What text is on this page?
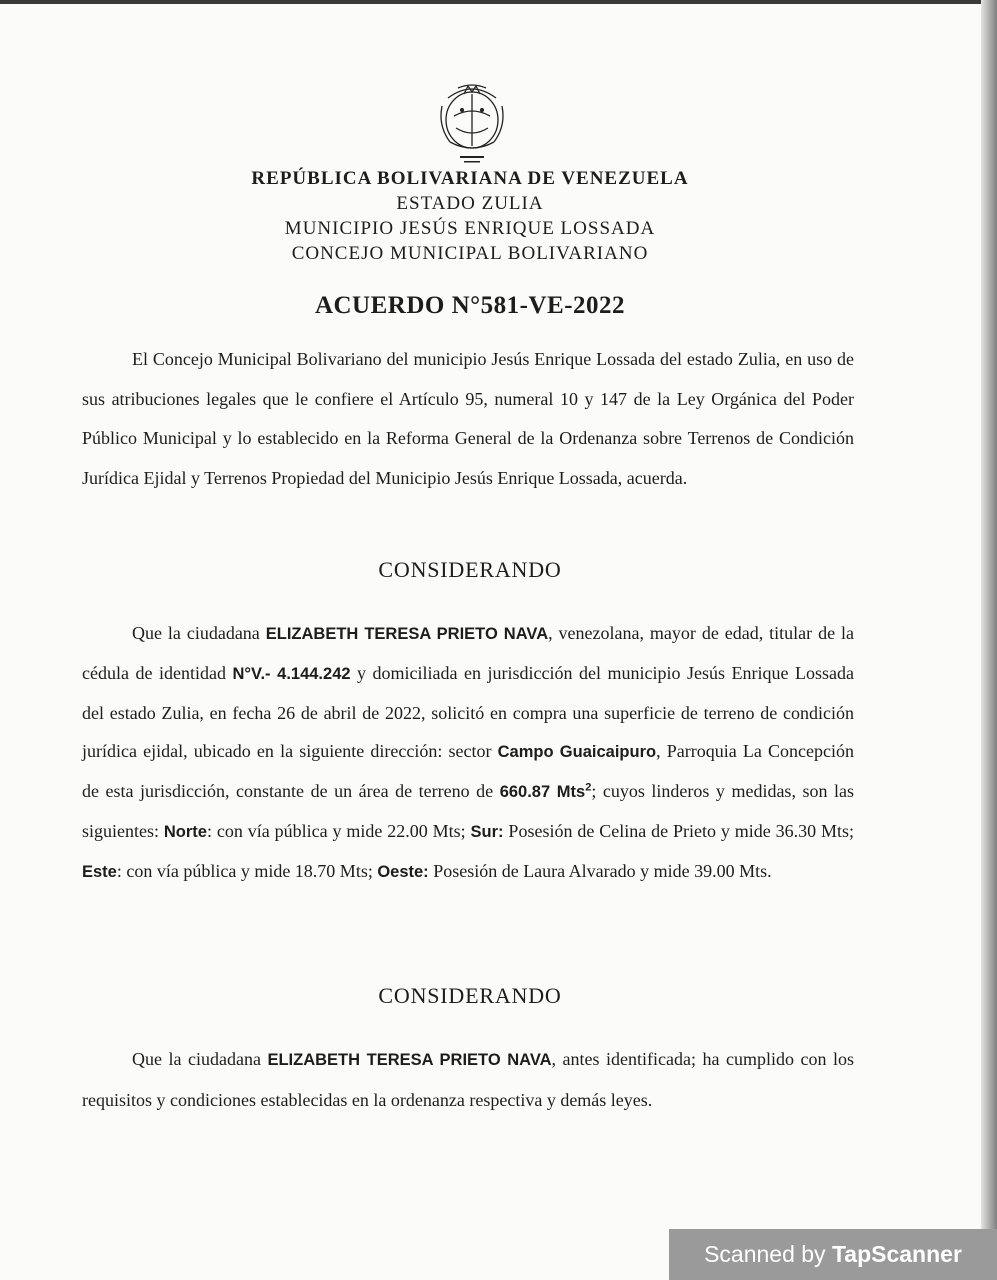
REPÚBLICA BOLIVARIANA DE VENEZUELA
ESTADO ZULIA
MUNICIPIO JESÚS ENRIQUE LOSSADA
CONCEJO MUNICIPAL BOLIVARIANO
ACUERDO N°581-VE-2022

El Concejo Municipal Bolivariano del municipio Jesús Enrique Lossada del estado Zulia, en uso de sus atribuciones legales que le confiere el Artículo 95, numeral 10 y 147 de la Ley Orgánica del Poder Público Municipal y lo establecido en la Reforma General de la Ordenanza sobre Terrenos de Condición Jurídica Ejidal y Terrenos Propiedad del Municipio Jesús Enrique Lossada, acuerda.

CONSIDERANDO

Que la ciudadana ELIZABETH TERESA PRIETO NAVA, venezolana, mayor de edad, titular de la cédula de identidad N°V.- 4.144.242 y domiciliada en jurisdicción del municipio Jesús Enrique Lossada del estado Zulia, en fecha 26 de abril de 2022, solicitó en compra una superficie de terreno de condición jurídica ejidal, ubicado en la siguiente dirección: sector Campo Guaicaipuro, Parroquia La Concepción de esta jurisdicción, constante de un área de terreno de 660.87 Mts$^2$; cuyos linderos y medidas, son las siguientes: Norte: con vía pública y mide 22.00 Mts; Sur: Posesión de Celina de Prieto y mide 36.30 Mts; Este: con vía pública y mide 18.70 Mts; Oeste: Posesión de Laura Alvarado y mide 39.00 Mts.

CONSIDERANDO

Que la ciudadana ELIZABETH TERESA PRIETO NAVA, antes identificada; ha cumplido con los requisitos y condiciones establecidas en la ordenanza respectiva y demás leyes.

Scanned by TapScanner
